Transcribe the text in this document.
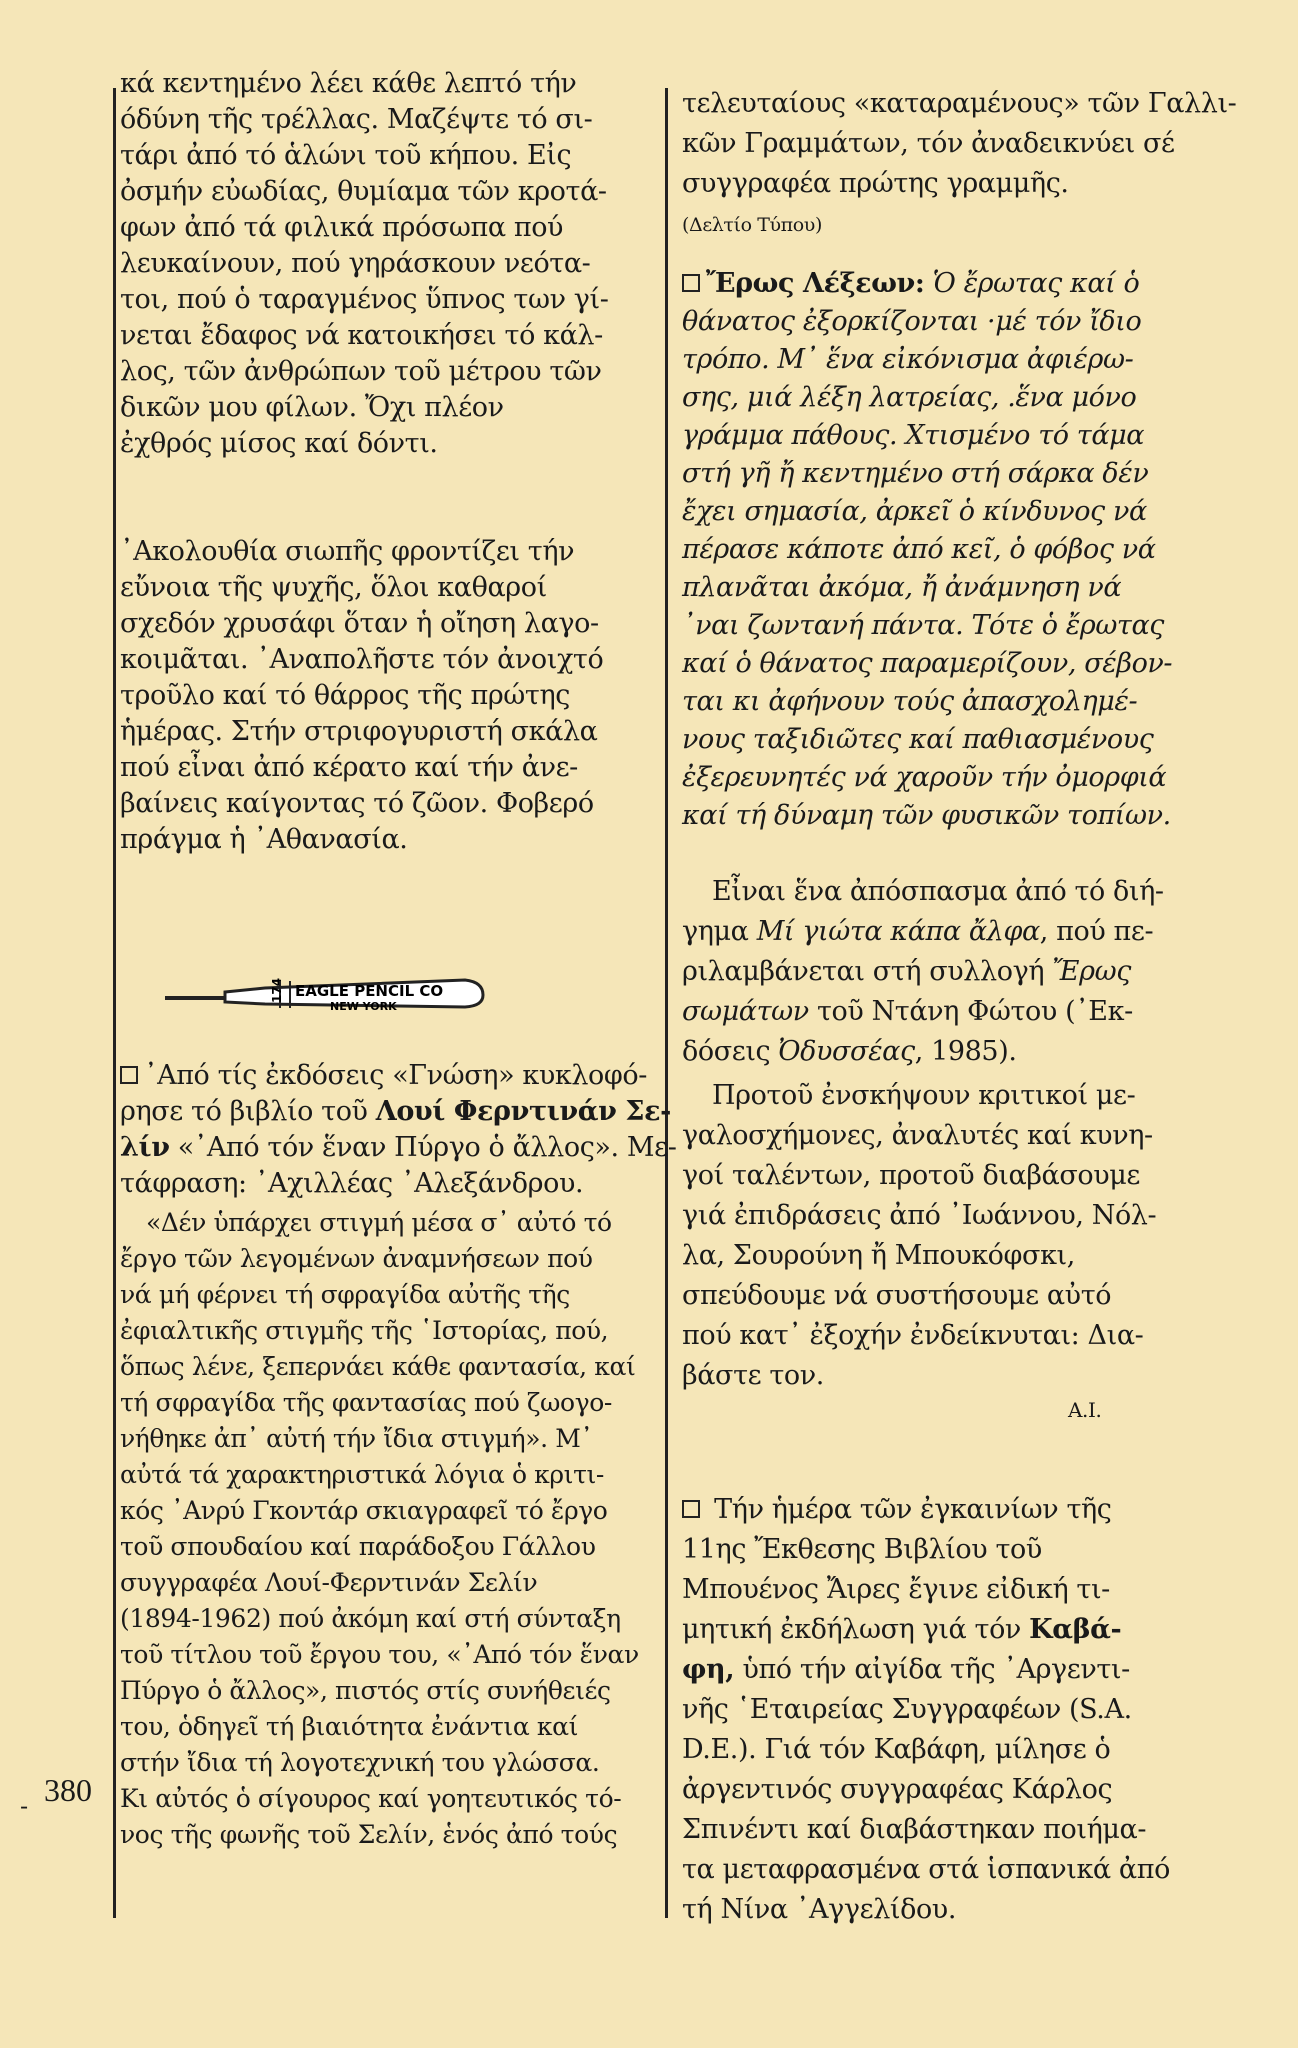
- 380
κά κεντημένο λέει κάθε λεπτό τήν
όδύνη τῆς τρέλλας. Μαζέψτε τό σι-
τάρι ἀπό τό ἁλώνι τοῦ κήπου. Εἰς
ὀσμήν εὐωδίας, θυμίαμα τῶν κροτά-
φων ἀπό τά φιλικά πρόσωπα πού
λευκαίνουν, πού γηράσκουν νεότα-
τοι, πού ὁ ταραγμένος ὕπνος των γί-
νεται ἔδαφος νά κατοικήσει τό κάλ-
λος, τῶν ἀνθρώπων τοῦ μέτρου τῶν
δικῶν μου φίλων. Ὄχι πλέον
ἐχθρός μίσος καί δόντι.
᾿Ακολουθία σιωπῆς φροντίζει τήν
εὔνοια τῆς ψυχῆς, ὅλοι καθαροί
σχεδόν χρυσάφι ὅταν ἡ οἴηση λαγο-
κοιμᾶται. ᾿Αναπολῆστε τόν ἀνοιχτό
τροῦλο καί τό θάρρος τῆς πρώτης
ἡμέρας. Στήν στριφογυριστή σκάλα
πού εἶναι ἀπό κέρατο καί τήν ἀνε-
βαίνεις καίγοντας τό ζῶον. Φοβερό
πράγμα ἡ ᾿Αθανασία.
174 EAGLE PENCIL CO
NEW YORK
᾿Από τίς ἐκδόσεις «Γνώση» κυκλοφό-
ρησε τό βιβλίο τοῦ Λουί Φερντινάν Σε-
λίν «᾿Από τόν ἕναν Πύργο ὁ ἄλλος». Με-
τάφραση: ᾿Αχιλλέας ᾿Αλεξάνδρου.
«Δέν ὑπάρχει στιγμή μέσα σ᾿ αὐτό τό
ἔργο τῶν λεγομένων ἀναμνήσεων πού
νά μή φέρνει τή σφραγίδα αὐτῆς τῆς
ἐφιαλτικῆς στιγμῆς τῆς ῾Ιστορίας, πού,
ὅπως λένε, ξεπερνάει κάθε φαντασία, καί
τή σφραγίδα τῆς φαντασίας πού ζωογο-
νήθηκε ἀπ᾿ αὐτή τήν ἴδια στιγμή». Μ᾿
αὐτά τά χαρακτηριστικά λόγια ὁ κριτι-
κός ᾿Ανρύ Γκοντάρ σκιαγραφεῖ τό ἔργο
τοῦ σπουδαίου καί παράδοξου Γάλλου
συγγραφέα Λουί-Φερντινάν Σελίν
(1894-1962) πού ἀκόμη καί στή σύνταξη
τοῦ τίτλου τοῦ ἔργου του, «᾿Από τόν ἕναν
Πύργο ὁ ἄλλος», πιστός στίς συνήθειές
του, ὁδηγεῖ τή βιαιότητα ἐνάντια καί
στήν ἴδια τή λογοτεχνική του γλώσσα.
Κι αὐτός ὁ σίγουρος καί γοητευτικός τό-
νος τῆς φωνῆς τοῦ Σελίν, ἑνός ἀπό τούς
τελευταίους «καταραμένους» τῶν Γαλλι-
κῶν Γραμμάτων, τόν ἀναδεικνύει σέ
συγγραφέα πρώτης γραμμῆς.
(Δελτίο Τύπου)
Ἔρως Λέξεων: Ὁ ἔρωτας καί ὁ
θάνατος ἐξορκίζονται ·μέ τόν ἴδιο
τρόπο. Μ᾿ ἕνα εἰκόνισμα ἀφιέρω-
σης, μιά λέξη λατρείας, .ἕνα μόνο
γράμμα πάθους. Χτισμένο τό τάμα
στή γῆ ἤ κεντημένο στή σάρκα δέν
ἔχει σημασία, ἀρκεῖ ὁ κίνδυνος νά
πέρασε κάποτε ἀπό κεῖ, ὁ φόβος νά
πλανᾶται ἀκόμα, ἤ ἀνάμνηση νά
᾿ναι ζωντανή πάντα. Τότε ὁ ἔρωτας
καί ὁ θάνατος παραμερίζουν, σέβον-
ται κι ἀφήνουν τούς ἀπασχολημέ-
νους ταξιδιῶτες καί παθιασμένους
ἐξερευνητές νά χαροῦν τήν ὀμορφιά
καί τή δύναμη τῶν φυσικῶν τοπίων.
Εἶναι ἕνα ἀπόσπασμα ἀπό τό διή-
γημα Μί γιώτα κάπα ἄλφα, πού πε-
ριλαμβάνεται στή συλλογή Ἔρως
σωμάτων τοῦ Ντάνη Φώτου (᾿Εκ-
δόσεις Ὀδυσσέας, 1985).
Προτοῦ ἐνσκήψουν κριτικοί με-
γαλοσχήμονες, ἀναλυτές καί κυνη-
γοί ταλέντων, προτοῦ διαβάσουμε
γιά ἐπιδράσεις ἀπό ᾿Ιωάννου, Νόλ-
λα, Σουρούνη ἤ Μπουκόφσκι,
σπεύδουμε νά συστήσουμε αὐτό
πού κατ᾿ ἐξοχήν ἐνδείκνυται: Δια-
βάστε τον.
Α.Ι.
Τήν ἡμέρα τῶν ἐγκαινίων τῆς
11ης Ἔκθεσης Βιβλίου τοῦ
Μπουένος Ἄιρες ἔγινε εἰδική τι-
μητική ἐκδήλωση γιά τόν Καβά-
φη, ὑπό τήν αἰγίδα τῆς ᾿Αργεντι-
νῆς ῾Εταιρείας Συγγραφέων (S.A.
D.E.). Γιά τόν Καβάφη, μίλησε ὁ
ἀργεντινός συγγραφέας Κάρλος
Σπινέντι καί διαβάστηκαν ποιήμα-
τα μεταφρασμένα στά ἱσπανικά ἀπό
τή Νίνα ᾿Αγγελίδου.
